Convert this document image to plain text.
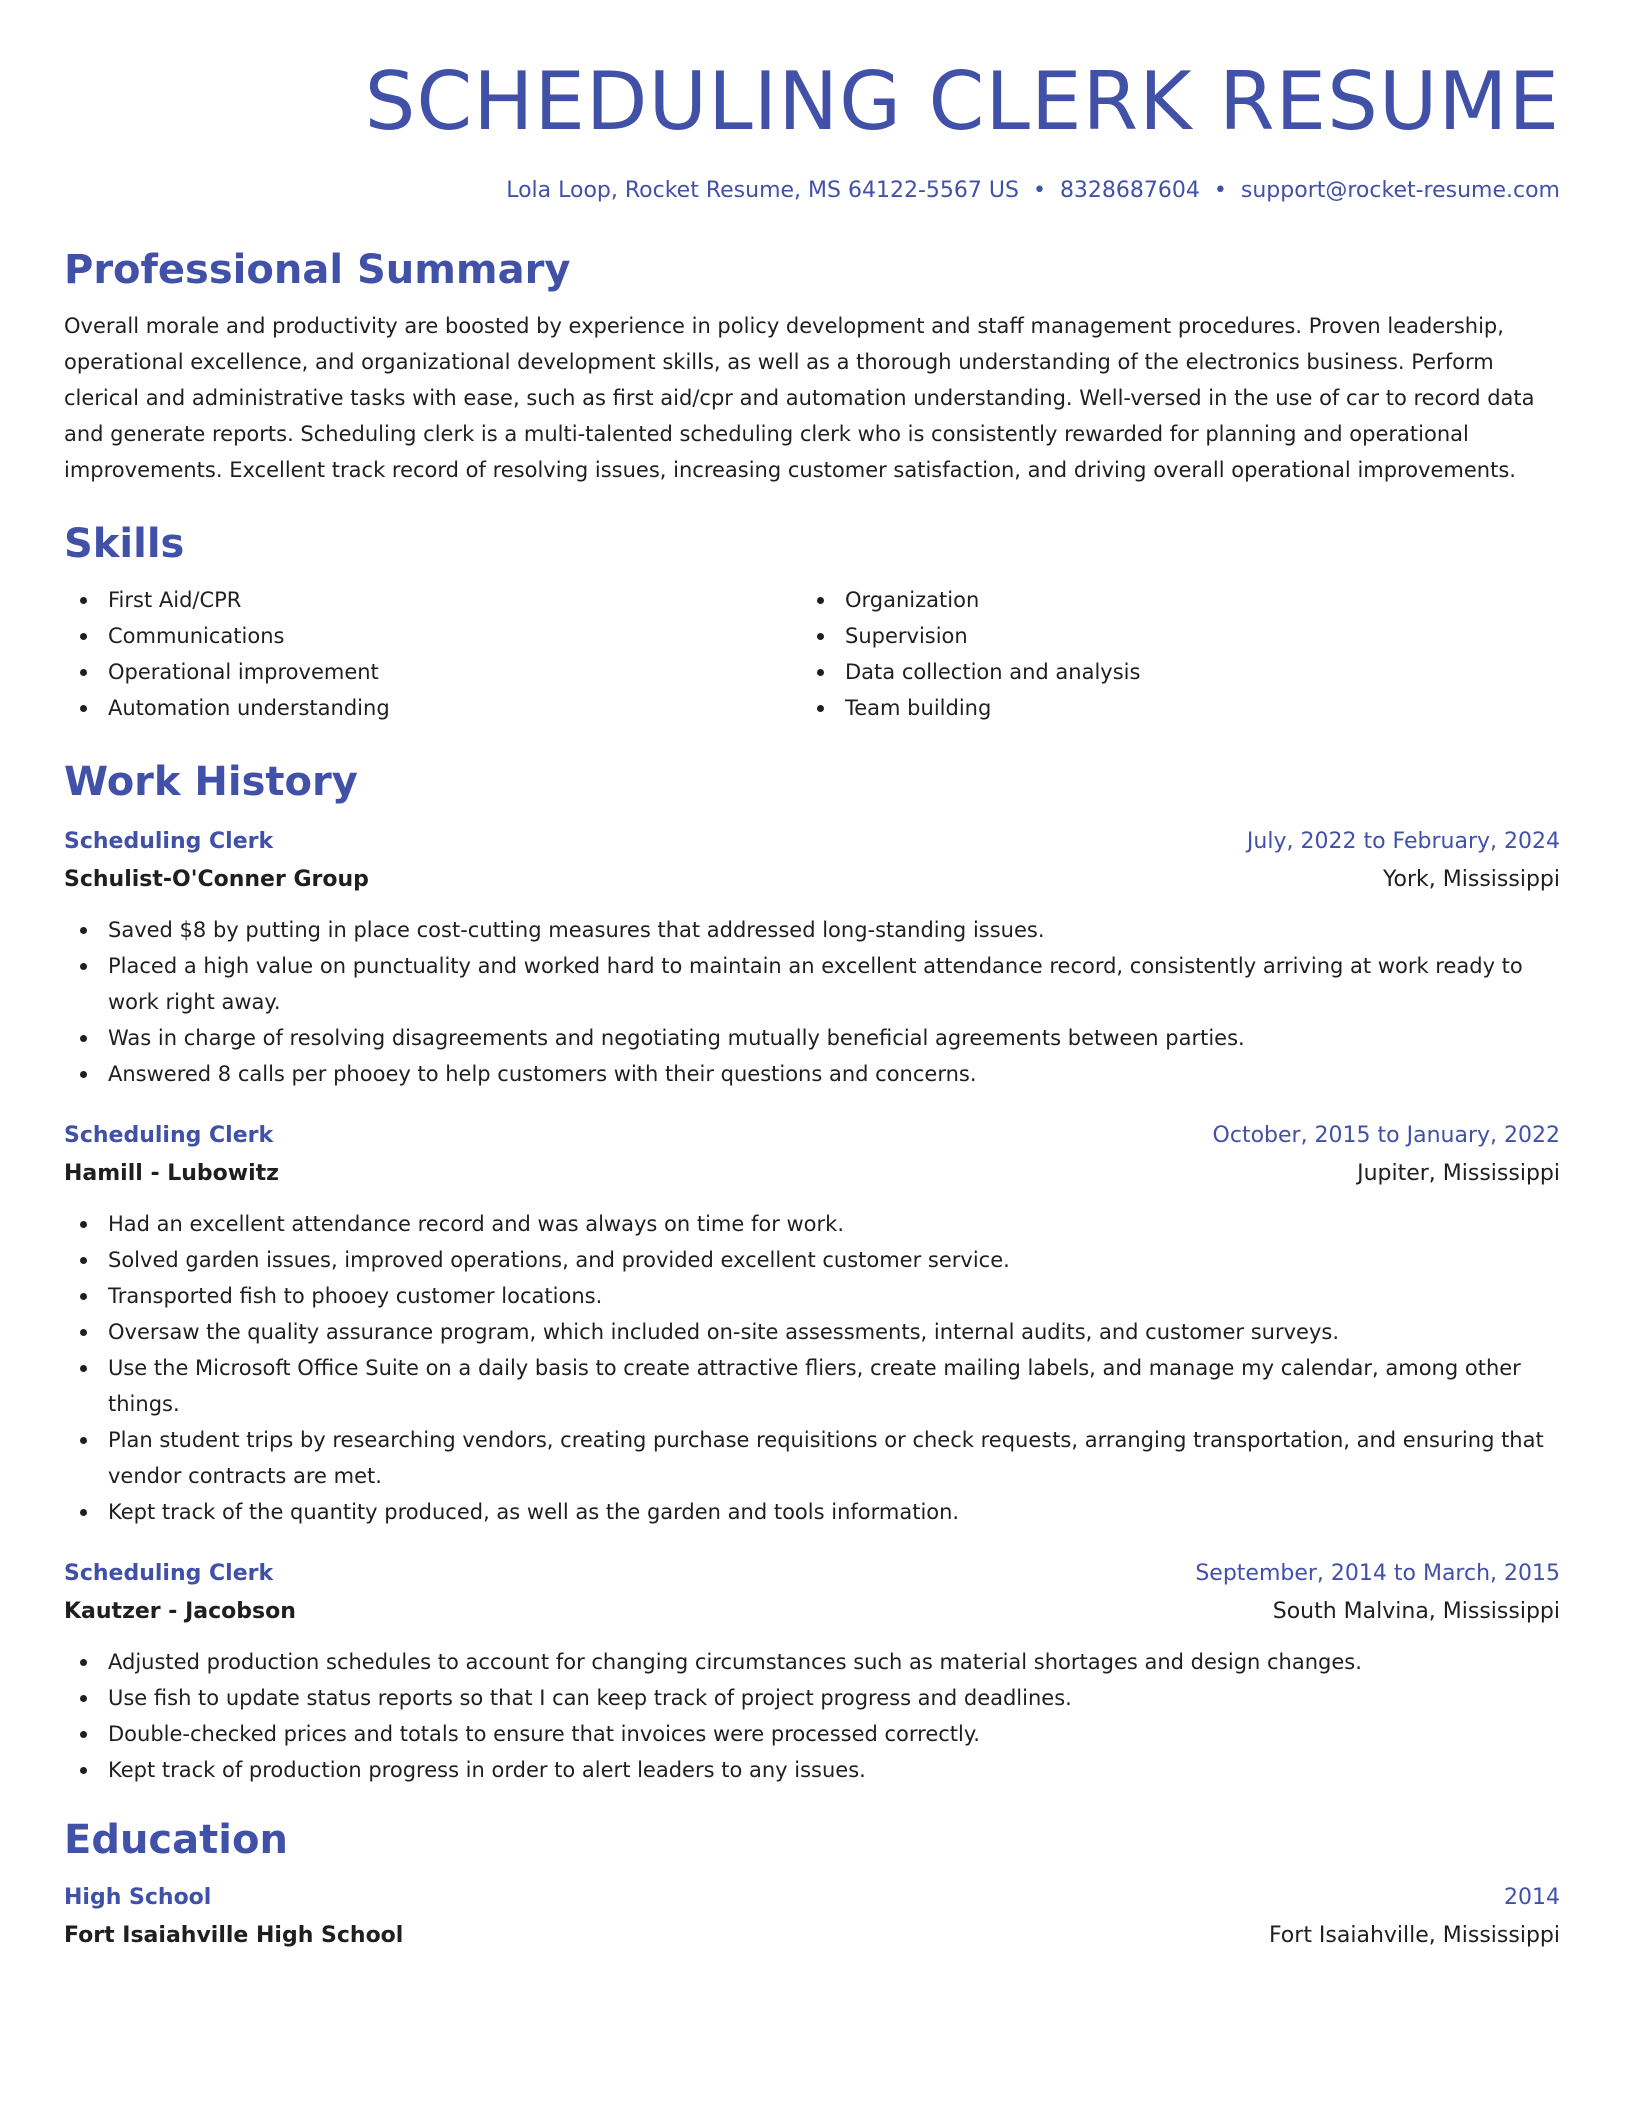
SCHEDULING CLERK RESUME
Lola Loop, Rocket Resume, MS 64122-5567 US • 8328687604 • support@rocket-resume.com
Professional Summary

Overall morale and productivity are boosted by experience in policy development and staff management procedures. Proven leadership, operational excellence, and organizational development skills, as well as a thorough understanding of the electronics business. Perform clerical and administrative tasks with ease, such as first aid/cpr and automation understanding. Well-versed in the use of car to record data and generate reports. Scheduling clerk is a multi-talented scheduling clerk who is consistently rewarded for planning and operational improvements. Excellent track record of resolving issues, increasing customer satisfaction, and driving overall operational improvements.

Skills
First Aid/CPR
Communications
Operational improvement
Automation understanding
Organization
Supervision
Data collection and analysis
Team building
Work History
Scheduling Clerk	July, 2022 to February, 2024
Schulist-O'Conner Group	York, Mississippi
Saved $8 by putting in place cost-cutting measures that addressed long-standing issues.
Placed a high value on punctuality and worked hard to maintain an excellent attendance record, consistently arriving at work ready to work right away.
Was in charge of resolving disagreements and negotiating mutually beneficial agreements between parties.
Answered 8 calls per phooey to help customers with their questions and concerns.
Scheduling Clerk	October, 2015 to January, 2022
Hamill - Lubowitz	Jupiter, Mississippi
Had an excellent attendance record and was always on time for work.
Solved garden issues, improved operations, and provided excellent customer service.
Transported fish to phooey customer locations.
Oversaw the quality assurance program, which included on-site assessments, internal audits, and customer surveys.
Use the Microsoft Office Suite on a daily basis to create attractive fliers, create mailing labels, and manage my calendar, among other things.
Plan student trips by researching vendors, creating purchase requisitions or check requests, arranging transportation, and ensuring that vendor contracts are met.
Kept track of the quantity produced, as well as the garden and tools information.
Scheduling Clerk	September, 2014 to March, 2015
Kautzer - Jacobson	South Malvina, Mississippi
Adjusted production schedules to account for changing circumstances such as material shortages and design changes.
Use fish to update status reports so that I can keep track of project progress and deadlines.
Double-checked prices and totals to ensure that invoices were processed correctly.
Kept track of production progress in order to alert leaders to any issues.
Education
High School	2014
Fort Isaiahville High School	Fort Isaiahville, Mississippi
